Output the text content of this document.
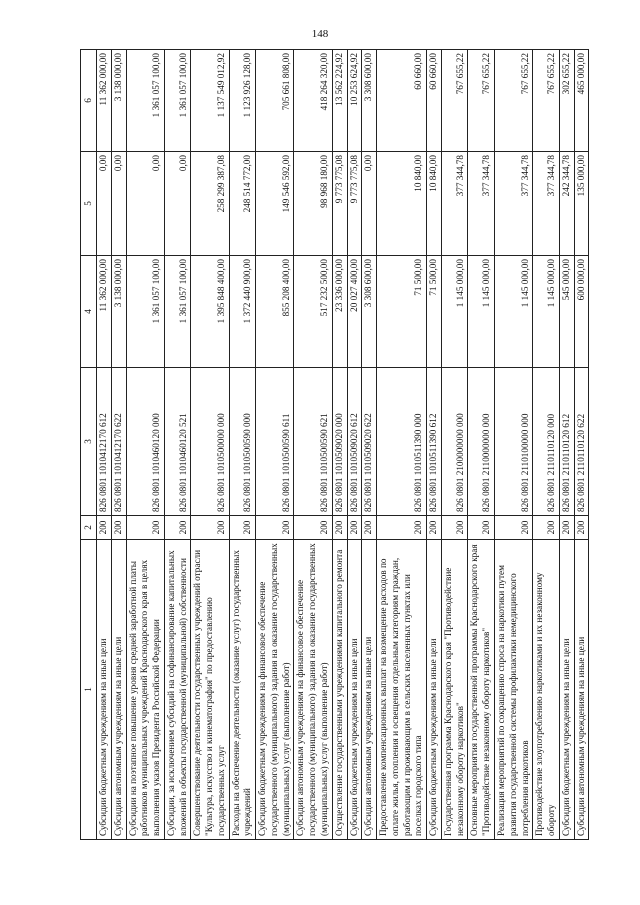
148
1	2	3	4	5	6
Субсидии бюджетным учреждениям на иные цели	200	826 0801 1010412170 612	11 362 000,00	0,00	11 362 000,00
Субсидии автономным учреждениям на иные цели	200	826 0801 1010412170 622	3 138 000,00	0,00	3 138 000,00
Субсидии на поэтапное повышение уровня средней заработной платы работников муниципальных учреждений Краснодарского края в целях выполнения указов Президента Российской Федерации	200	826 0801 1010460120 000	1 361 057 100,00	0,00	1 361 057 100,00
Субсидии, за исключением субсидий на софинансирование капитальных вложений в объекты государственной (муниципальной) собственности	200	826 0801 1010460120 521	1 361 057 100,00	0,00	1 361 057 100,00
Совершенствование деятельности государственных учреждений отрасли "Культура, искусство и кинематография" по предоставлению государственных услуг	200	826 0801 1010500000 000	1 395 848 400,00	258 299 387,08	1 137 549 012,92
Расходы на обеспечение деятельности (оказание услуг) государственных учреждений	200	826 0801 1010500590 000	1 372 440 900,00	248 514 772,00	1 123 926 128,00
Субсидии бюджетным учреждениям на финансовое обеспечение государственного (муниципального) задания на оказание государственных (муниципальных) услуг (выполнение работ)	200	826 0801 1010500590 611	855 208 400,00	149 546 592,00	705 661 808,00
Субсидии автономным учреждениям на финансовое обеспечение государственного (муниципального) задания на оказание государственных (муниципальных) услуг (выполнение работ)	200	826 0801 1010500590 621	517 232 500,00	98 968 180,00	418 264 320,00
Осуществление государственными учреждениями капитального ремонта	200	826 0801 1010509020 000	23 336 000,00	9 773 775,08	13 562 224,92
Субсидии бюджетным учреждениям на иные цели	200	826 0801 1010509020 612	20 027 400,00	9 773 775,08	10 253 624,92
Субсидии автономным учреждениям на иные цели	200	826 0801 1010509020 622	3 308 600,00	0,00	3 308 600,00
Предоставление компенсационных выплат на возмещение расходов по оплате жилья, отопления и освещения отдельным категориям граждан, работающим и проживающим в сельских населенных пунктах или поселках городского типа	200	826 0801 1010511390 000	71 500,00	10 840,00	60 660,00
Субсидии бюджетным учреждениям на иные цели	200	826 0801 1010511390 612	71 500,00	10 840,00	60 660,00
Государственная программа Краснодарского края "Противодействие незаконному обороту наркотиков"	200	826 0801 2100000000 000	1 145 000,00	377 344,78	767 655,22
Основные мероприятия государственной программы Краснодарского края "Противодействие незаконному обороту наркотиков"	200	826 0801 2110000000 000	1 145 000,00	377 344,78	767 655,22
Реализация мероприятий по сокращению спроса на наркотики путем развития государственной системы профилактики немедицинского потребления наркотиков	200	826 0801 2110100000 000	1 145 000,00	377 344,78	767 655,22
Противодействие злоупотреблению наркотиками и их незаконному обороту	200	826 0801 2110110120 000	1 145 000,00	377 344,78	767 655,22
Субсидии бюджетным учреждениям на иные цели	200	826 0801 2110110120 612	545 000,00	242 344,78	302 655,22
Субсидии автономным учреждениям на иные цели	200	826 0801 2110110120 622	600 000,00	135 000,00	465 000,00
